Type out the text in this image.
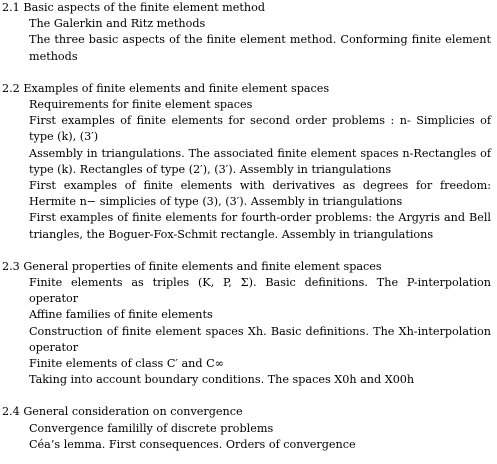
2.1 Basic aspects of the finite element method
The Galerkin and Ritz methods
The three basic aspects of the finite element method. Conforming finite element methods
2.2 Examples of finite elements and finite element spaces
Requirements for finite element spaces
First examples of finite elements for second order problems : n- Simplicies of type (k), (3′)
Assembly in triangulations. The associated finite element spaces n-Rectangles of type (k). Rectangles of type (2′), (3′). Assembly in triangulations
First examples of finite elements with derivatives as degrees for freedom: Hermite n− simplicies of type (3), (3′). Assembly in triangulations
First examples of finite elements for fourth-order problems: the Argyris and Bell triangles, the Boguer-Fox-Schmit rectangle. Assembly in triangulations
2.3 General properties of finite elements and finite element spaces
Finite elements as triples (K, P, Σ). Basic definitions. The P-interpolation operator
Affine families of finite elements
Construction of finite element spaces Xh. Basic definitions. The Xh-interpolation operator
Finite elements of class C′ and C∞
Taking into account boundary conditions. The spaces X0h and X00h
2.4 General consideration on convergence
Convergence famililly of discrete problems
Céa’s lemma. First consequences. Orders of convergence
